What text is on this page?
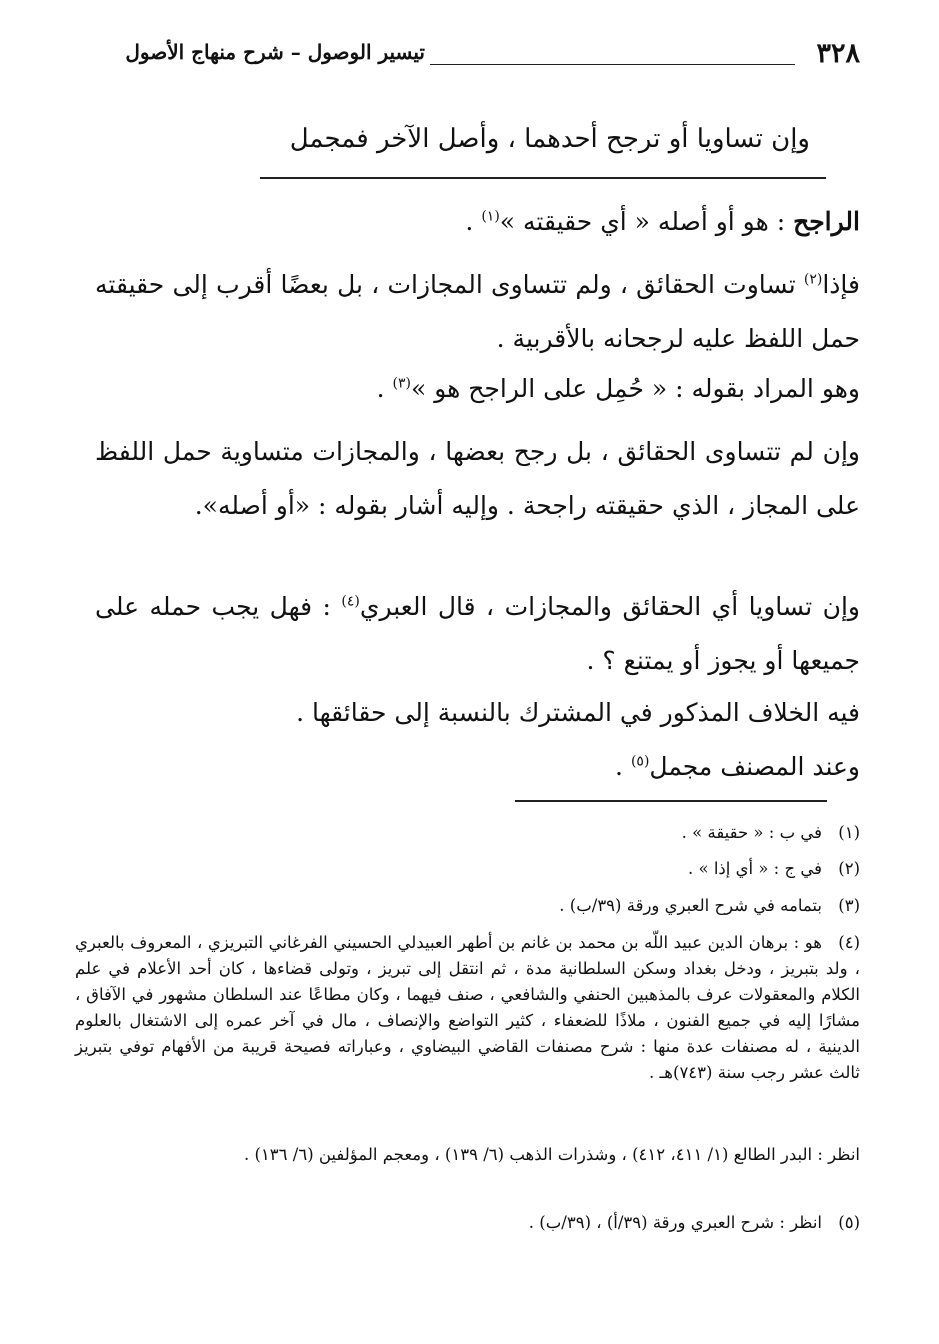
٣٢٨
تيسير الوصول – شرح منهاج الأصول
وإن تساويا أو ترجح أحدهما ، وأصل الآخر فمجمل
الراجح : هو أو أصله « أي حقيقته »$^{(١)}$ .
فإذا$^{(٢)}$ تساوت الحقائق ، ولم تتساوى المجازات ، بل بعضًا أقرب إلى حقيقته حمل اللفظ عليه لرجحانه بالأقربية .
وهو المراد بقوله : « حُمِل على الراجح هو »$^{(٣)}$ .
وإن لم تتساوى الحقائق ، بل رجح بعضها ، والمجازات متساوية حمل اللفظ على المجاز ، الذي حقيقته راجحة . وإليه أشار بقوله : «أو أصله».
وإن تساويا أي الحقائق والمجازات ، قال العبري$^{(٤)}$ : فهل يجب حمله على جميعها أو يجوز أو يمتنع ؟ .
فيه الخلاف المذكور في المشترك بالنسبة إلى حقائقها .
وعند المصنف مجمل$^{(٥)}$ .
(١)في ب : « حقيقة » .
(٢)في ج : « أي إذا » .
(٣)بتمامه في شرح العبري ورقة (٣٩/ب) .
(٤)هو : برهان الدين عبيد اللّه بن محمد بن غانم بن أطهر العبيدلي الحسيني الفرغاني التبريزي ، المعروف بالعبري ، ولد بتبريز ، ودخل بغداد وسكن السلطانية مدة ، ثم انتقل إلى تبريز ، وتولى قضاءها ، كان أحد الأعلام في علم الكلام والمعقولات عرف بالمذهبين الحنفي والشافعي ، صنف فيهما ، وكان مطاعًا عند السلطان مشهور في الآفاق ، مشارًا إليه في جميع الفنون ، ملاذًا للضعفاء ، كثير التواضع والإنصاف ، مال في آخر عمره إلى الاشتغال بالعلوم الدينية ، له مصنفات عدة منها : شرح مصنفات القاضي البيضاوي ، وعباراته فصيحة قريبة من الأفهام توفي بتبريز ثالث عشر رجب سنة (٧٤٣)هـ .
انظر : البدر الطالع (١/ ٤١١، ٤١٢) ، وشذرات الذهب (٦/ ١٣٩) ، ومعجم المؤلفين (٦/ ١٣٦) .
(٥)انظر : شرح العبري ورقة (٣٩/أ) ، (٣٩/ب) .
